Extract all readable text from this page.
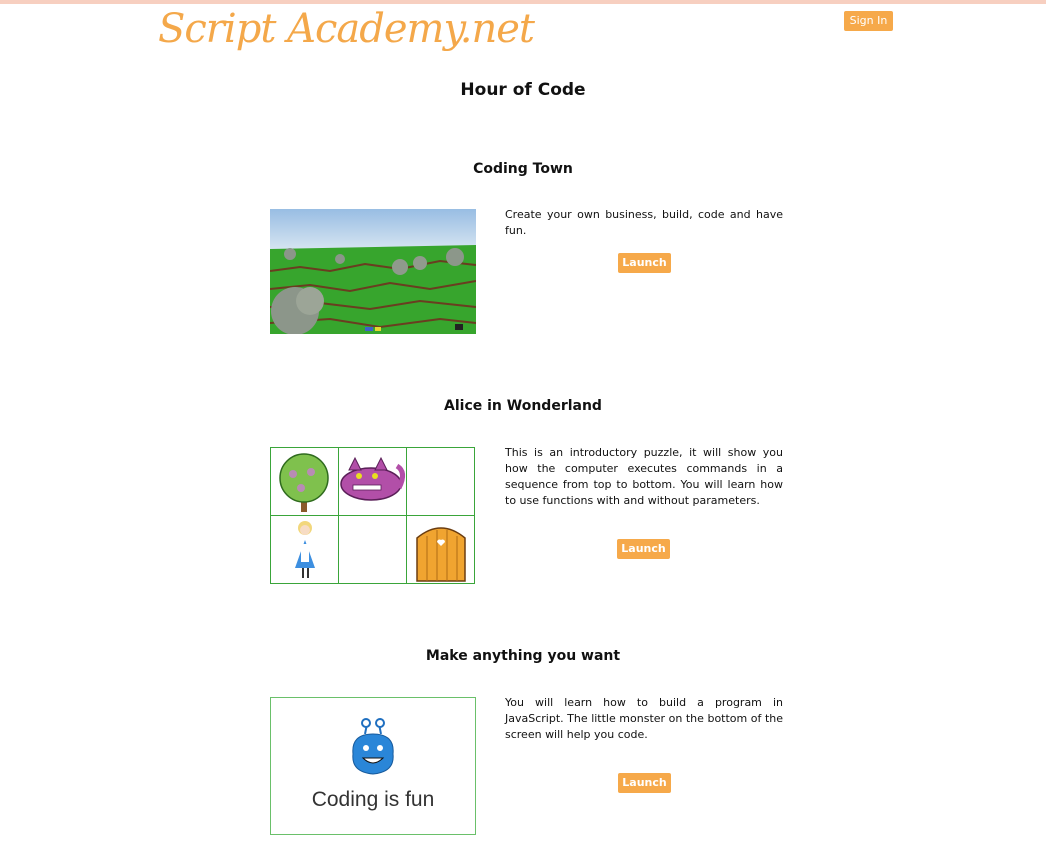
Script Academy.net	Sign In
Hour of Code
Coding Town

Create your own business, build, code and have fun.

Launch
Alice in Wonderland

This is an introductory puzzle, it will show you how the computer executes commands in a sequence from top to bottom. You will learn how to use functions with and without parameters.

Launch
Make anything you want
Coding is fun

You will learn how to build a program in JavaScript. The little monster on the bottom of the screen will help you code.

Launch
